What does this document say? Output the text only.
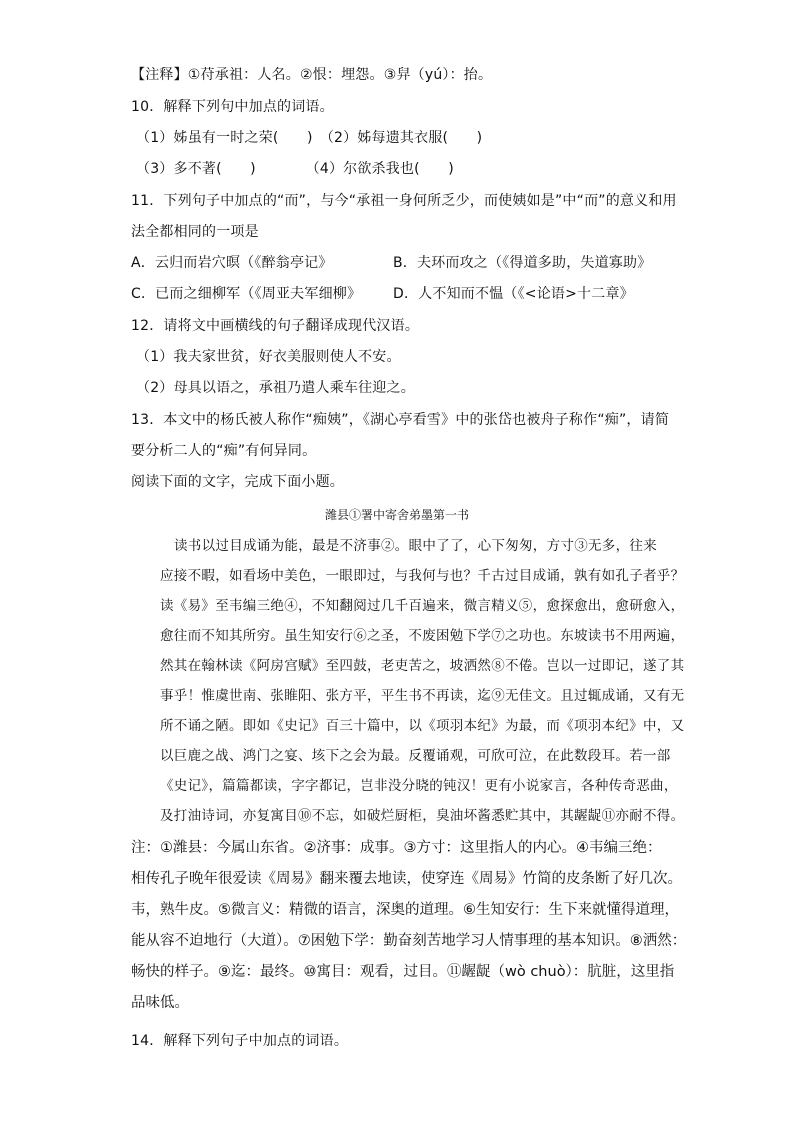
【注释】①苻承祖：人名。②恨：埋怨。③舁（yú）：抬。
10．解释下列句中加点的词语。
（1）姊虽有一时之荣(　　)　（2）姊每遗其衣服(　　)
（3）多不著(　　)　　　　（4）尔欲杀我也(　　)
11．下列句子中加点的“而”，与今“承祖一身何所乏少，而使姨如是”中“而”的意义和用
法全都相同的一项是
A．云归而岩穴暝（《醉翁亭记》	B．夫环而攻之（《得道多助，失道寡助》
C．已而之细柳军（《周亚夫军细柳》 D．人不知而不愠（《<论语>十二章》
12．请将文中画横线的句子翻译成现代汉语。
（1）我夫家世贫，好衣美服则使人不安。
（2）母具以语之，承祖乃遣人乘车往迎之。
13．本文中的杨氏被人称作“痴姨”，《湖心亭看雪》中的张岱也被舟子称作“痴”，请简
要分析二人的“痴”有何异同。
阅读下面的文字，完成下面小题。
潍县①署中寄舍弟墨第一书
读书以过目成诵为能，最是不济事②。眼中了了，心下匆匆，方寸③无多，往来
应接不暇，如看场中美色，一眼即过，与我何与也？千古过目成诵，孰有如孔子者乎？
读《易》至韦编三绝④，不知翻阅过几千百遍来，微言精义⑤，愈探愈出，愈研愈入，
愈往而不知其所穷。虽生知安行⑥之圣，不废困勉下学⑦之功也。东坡读书不用两遍，
然其在翰林读《阿房宫赋》至四鼓，老吏苦之，坡洒然⑧不倦。岂以一过即记，遂了其
事乎！惟虞世南、张睢阳、张方平，平生书不再读，迄⑨无佳文。且过辄成诵，又有无
所不诵之陋。即如《史记》百三十篇中，以《项羽本纪》为最，而《项羽本纪》中，又
以巨鹿之战、鸿门之宴、垓下之会为最。反覆诵观，可欣可泣，在此数段耳。若一部
《史记》，篇篇都读，字字都记，岂非没分晓的钝汉！更有小说家言，各种传奇恶曲，
及打油诗词，亦复寓目⑩不忘，如破烂厨柜，臭油坏酱悉贮其中，其龌龊⑪亦耐不得。
注：①潍县：今属山东省。②济事：成事。③方寸：这里指人的内心。④韦编三绝：
相传孔子晚年很爱读《周易》翻来覆去地读，使穿连《周易》竹简的皮条断了好几次。
韦，熟牛皮。⑤微言义：精微的语言，深奥的道理。⑥生知安行：生下来就懂得道理，
能从容不迫地行（大道）。⑦困勉下学：勤奋刻苦地学习人情事理的基本知识。⑧洒然：
畅快的样子。⑨迄：最终。⑩寓目：观看，过目。⑪龌龊（wò chuò）：肮脏，这里指
品味低。
14．解释下列句子中加点的词语。
